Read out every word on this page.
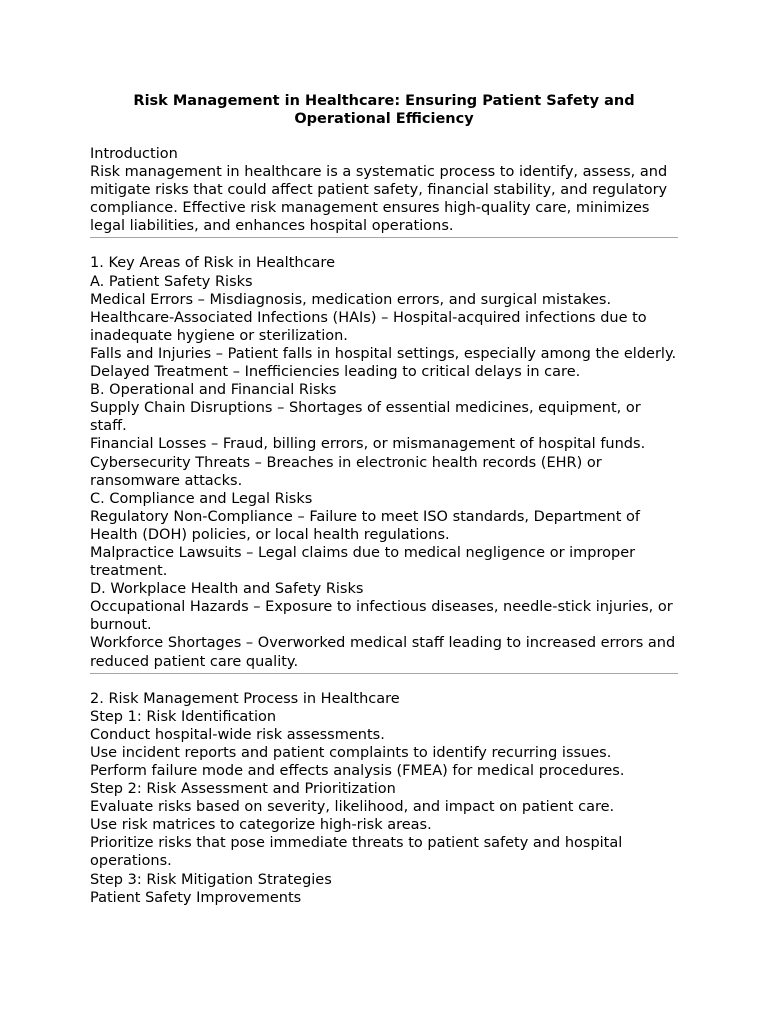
Risk Management in Healthcare: Ensuring Patient Safety and Operational Efficiency
Introduction
Risk management in healthcare is a systematic process to identify, assess, and mitigate risks that could affect patient safety, financial stability, and regulatory compliance. Effective risk management ensures high-quality care, minimizes legal liabilities, and enhances hospital operations.
1. Key Areas of Risk in Healthcare
A. Patient Safety Risks
Medical Errors – Misdiagnosis, medication errors, and surgical mistakes.
Healthcare-Associated Infections (HAIs) – Hospital-acquired infections due to inadequate hygiene or sterilization.
Falls and Injuries – Patient falls in hospital settings, especially among the elderly.
Delayed Treatment – Inefficiencies leading to critical delays in care.
B. Operational and Financial Risks
Supply Chain Disruptions – Shortages of essential medicines, equipment, or staff.
Financial Losses – Fraud, billing errors, or mismanagement of hospital funds.
Cybersecurity Threats – Breaches in electronic health records (EHR) or ransomware attacks.
C. Compliance and Legal Risks
Regulatory Non-Compliance – Failure to meet ISO standards, Department of Health (DOH) policies, or local health regulations.
Malpractice Lawsuits – Legal claims due to medical negligence or improper treatment.
D. Workplace Health and Safety Risks
Occupational Hazards – Exposure to infectious diseases, needle-stick injuries, or burnout.
Workforce Shortages – Overworked medical staff leading to increased errors and reduced patient care quality.
2. Risk Management Process in Healthcare
Step 1: Risk Identification
Conduct hospital-wide risk assessments.
Use incident reports and patient complaints to identify recurring issues.
Perform failure mode and effects analysis (FMEA) for medical procedures.
Step 2: Risk Assessment and Prioritization
Evaluate risks based on severity, likelihood, and impact on patient care.
Use risk matrices to categorize high-risk areas.
Prioritize risks that pose immediate threats to patient safety and hospital operations.
Step 3: Risk Mitigation Strategies
Patient Safety Improvements
